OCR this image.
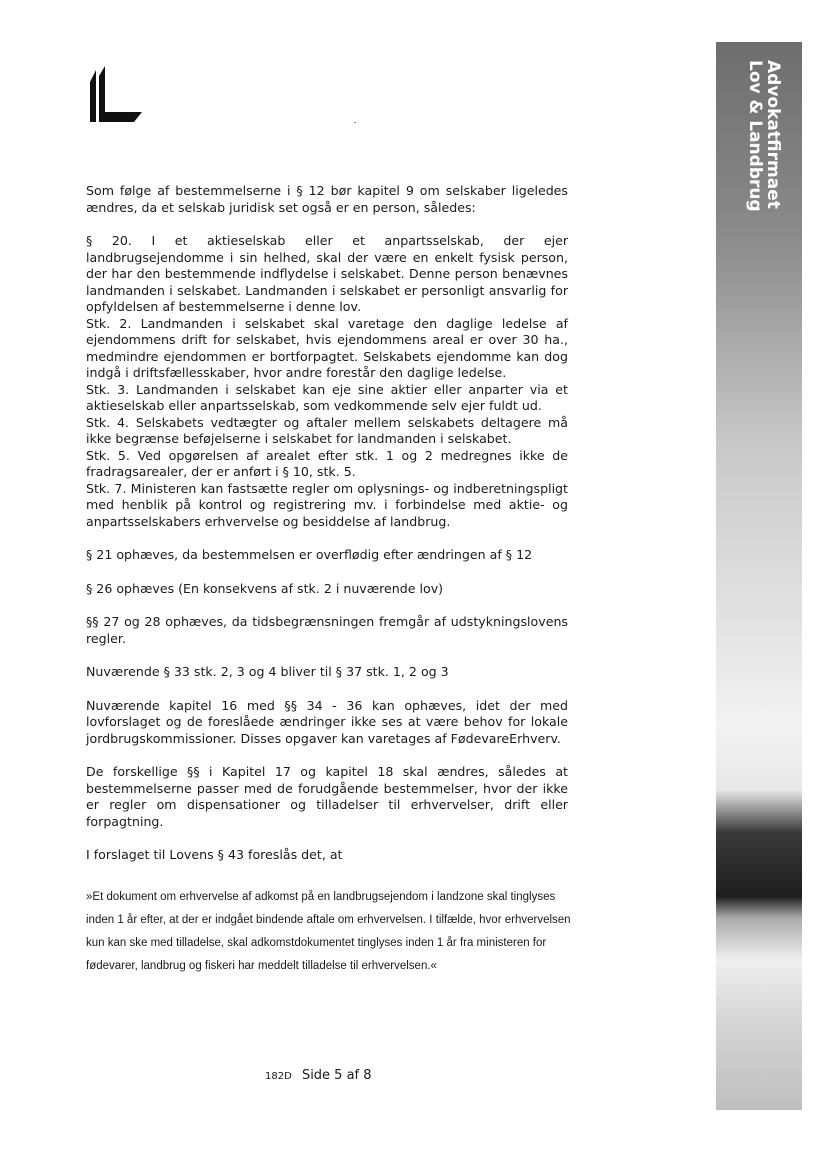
Advokatfirmaet
Lov & Landbrug

Som følge af bestemmelserne i § 12 bør kapitel 9 om selskaber ligeledes ændres, da et selskab juridisk set også er en person, således:

§ 20. I et aktieselskab eller et anpartsselskab, der ejer landbrugsejendomme i sin helhed, skal der være en enkelt fysisk person, der har den bestemmende indflydelse i selskabet. Denne person benævnes landmanden i selskabet. Landmanden i selskabet er personligt ansvarlig for opfyldelsen af bestemmelserne i denne lov.

Stk. 2. Landmanden i selskabet skal varetage den daglige ledelse af ejendommens drift for selskabet, hvis ejendommens areal er over 30 ha., medmindre ejendommen er bortforpagtet. Selskabets ejendomme kan dog indgå i driftsfællesskaber, hvor andre forestår den daglige ledelse.

Stk. 3. Landmanden i selskabet kan eje sine aktier eller anparter via et aktieselskab eller anpartsselskab, som vedkommende selv ejer fuldt ud.

Stk. 4. Selskabets vedtægter og aftaler mellem selskabets deltagere må ikke begrænse beføjelserne i selskabet for landmanden i selskabet.

Stk. 5. Ved opgørelsen af arealet efter stk. 1 og 2 medregnes ikke de fradragsarealer, der er anført i § 10, stk. 5.

Stk. 7. Ministeren kan fastsætte regler om oplysnings- og indberetningspligt med henblik på kontrol og registrering mv. i forbindelse med aktie- og anpartsselskabers erhvervelse og besiddelse af landbrug.

§ 21 ophæves, da bestemmelsen er overflødig efter ændringen af § 12

§ 26 ophæves (En konsekvens af stk. 2 i nuværende lov)

§§ 27 og 28 ophæves, da tidsbegrænsningen fremgår af udstykningslovens regler.

Nuværende § 33 stk. 2, 3 og 4 bliver til § 37 stk. 1, 2 og 3

Nuværende kapitel 16 med §§ 34 - 36 kan ophæves, idet der med lovforslaget og de foreslåede ændringer ikke ses at være behov for lokale jordbrugskommissioner. Disses opgaver kan varetages af FødevareErhverv.

De forskellige §§ i Kapitel 17 og kapitel 18 skal ændres, således at bestemmelserne passer med de forudgående bestemmelser, hvor der ikke er regler om dispensationer og tilladelser til erhvervelser, drift eller forpagtning.

I forslaget til Lovens § 43 foreslås det, at

»Et dokument om erhvervelse af adkomst på en landbrugsejendom i landzone skal tinglyses inden 1 år efter, at der er indgået bindende aftale om erhvervelsen. I tilfælde, hvor erhvervelsen kun kan ske med tilladelse, skal adkomstdokumentet tinglyses inden 1 år fra ministeren for fødevarer, landbrug og fiskeri har meddelt tilladelse til erhvervelsen.«
182D Side 5 af 8
